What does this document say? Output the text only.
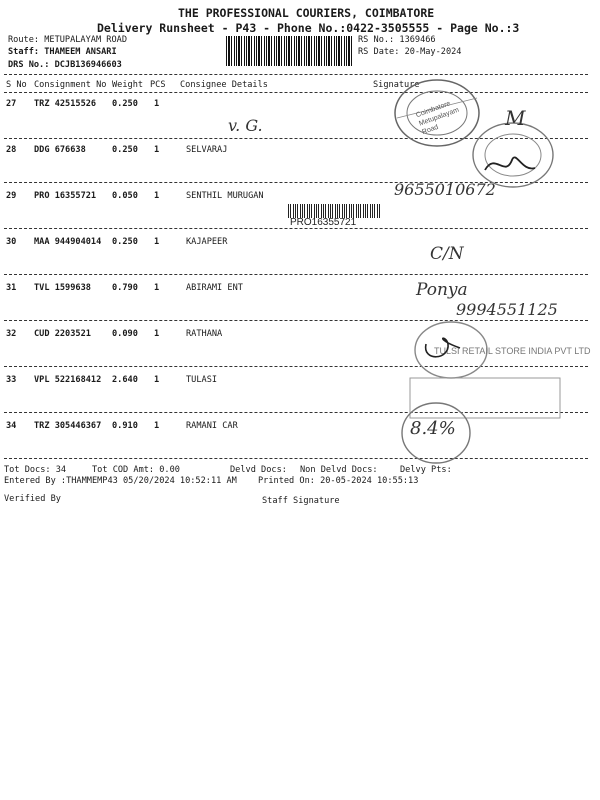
THE PROFESSIONAL COURIERS, COIMBATORE
Delivery Runsheet - P43 - Phone No.:0422-3505555 - Page No.:3
Route: METUPALAYAM ROAD
Staff: THAMEEM ANSARI
DRS No.: DCJB136946603
RS No.: 1369466
RS Date: 20-May-2024
S No Consignment No Weight PCS Consignee Details	Signature
27 TRZ 42515526 0.250 1
28 DDG 676638	0.250 1	SELVARAJ
29 PRO 16355721 0.050 1	SENTHIL MURUGAN
30 MAA 944904014 0.250 1	KAJAPEER
31 TVL 1599638 0.790 1	ABIRAMI ENT
32 CUD 2203521 0.090 1	RATHANA
33 VPL 522168412 2.640 1	TULASI
34 TRZ 305446367 0.910 1	RAMANI CAR
PRO16355721
Coimbatore Metupalayam Road
TULSI RETAIL STORE INDIA PVT LTD
v. G.	M
9655010672
C/N
Ponya
9994551125
8.4%
Tot Docs: 34	Tot COD Amt: 0.00	Delvd Docs: Non Delvd Docs:	Delvy Pts:
Entered By :THAMMEMP43 05/20/2024 10:52:11 AM Printed On: 20-05-2024 10:55:13
Verified By	Staff Signature
